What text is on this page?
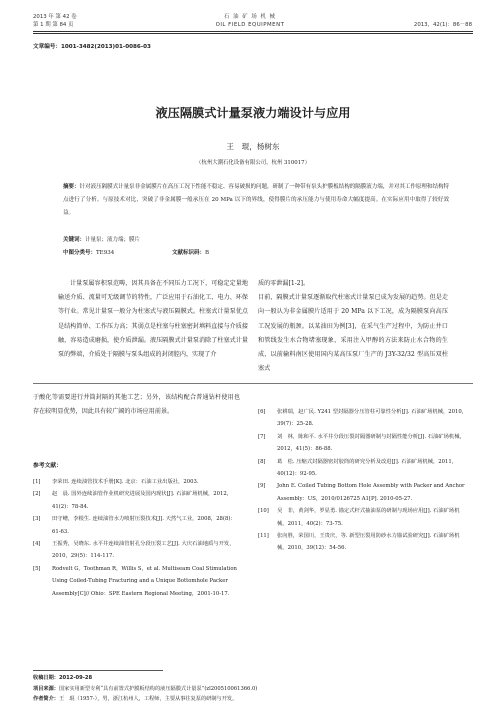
2013 年 第 42 卷
第 1 期 第 84 页
石 油 矿 场 机 械
OIL FIELD EQUIPMENT	2013，42(1)：86－88
文章编号：1001-3482(2013)01-0086-03
液压隔膜式计量泵液力端设计与应用
王　琨，杨树东
（杭州大潮石化设备有限公司，杭州 310017）
摘要：针对液压隔膜式计量泵非金属膜片在高压工况下性能不稳定、容易破损的问题，研制了一种带有泵头护膜板结构的隔膜液力端，并对其工作原理和结构特点进行了分析。与原技术对比，突破了非金属膜一般承压在 20 MPa 以下的界线，使得膜片的承压能力与使用寿命大幅度提高。在实际应用中取得了较好效益。
关键词：计量泵；液力端；膜片
中图分类号：TE934	文献标识码：B
计量泵属容积泵范畴，因其具备在不同压力工况下，可稳定定量地输送介质、流量可无级调节的特性，广泛应用于石油化工、电力、环保等行业。常见计量泵一般分为柱塞式与液压隔膜式。柱塞式计量泵优点是结构简单、工作压力高；其弱点是柱塞与柱塞密封填料直接与介质接触，容易造成磨损，使介质泄漏。液压隔膜式计量泵消除了柱塞式计量泵的弊端，介质处于隔膜与泵头组成的封闭腔内，实现了介
质的零泄漏[1-2]。
目前，隔膜式计量泵逐渐取代柱塞式计量泵已成为发展的趋势。但是走向一般认为非金属膜片适用于 20 MPa 以下工况，成为隔膜泵向高压工况发展的瓶颈。以某油田为例[3]，在采气生产过程中，为防止井口和管线发生水合物堵塞现象，采用注入甲醇的方法来防止水合物的生成，以前输料南区使用国内某高压泵厂生产的 J3Y-32/32 型高压双柱塞式
于酸化等需要进行井筒封隔的其他工艺；另外，该结构配合普通钻杆使用也存在较明显优势，因此具有较广阔的市场应用前景。
参考文献：
[1]	李荣田. 连续油管技术手册[K]. 北京：石油工业出版社，2003.
[2]	赵　晨. 国外连续油管作业机研究进展及国内现状[J]. 石油矿场机械，2012，41(2)：78-84.
[3]	田守嶒，李根生. 连续油管水力喷射压裂技术[J]. 天然气工业，2008，28(8)：61-63.
[4]	王振秀，吴晓东. 水平井连续油管射孔分段压裂工艺[J]. 大庆石油地质与开发，2010，29(5)：114-117.
[5]	Rodvelt G，Toothman R，Willis S，et al. Multiseam Coal Stimulation Using Coiled-Tubing Fracturing and a Unique Bottomhole Packer Assembly[C]// Ohio：SPE Eastern Regional Meeting，2001-10-17.
[6]	张耕瑞，赵广民. Y241 型封隔器分压管柱可靠性分析[J]. 石油矿场机械，2010，39(7)：25-28.
[7]	刘　林，陈和平. 水平井分段压裂封隔器研制与封隔性能分析[J]. 石油矿场机械，2012，41(5)：86-88.
[8]	葛　松. 压缩式封隔器密封胶筒的研究分析及改进[J]. 石油矿场机械，2011，40(12)：92-95.
[9]	John E. Coiled Tubing Bottom Hole Assembly with Packer and Anchor Assembly：US，2010/0126725 A1[P]. 2010-05-27.
[10]	吴　非，黄剑华，罗显勇. 锚定式杆式抽油泵的研制与现场应用[J]. 石油矿场机械，2011，40(2)：73-75.
[11]	张向胜，荣国川，王贵庆，等. 新型压裂用防砂水力锚试验研究[J]. 石油矿场机械，2010，39(12)：54-56.
收稿日期：2012-09-28
项目来源：国家实用新型专利“具有前置式护膜板结构的液压隔膜式计量泵”(zl200510061366.0)
作者简介：王　琨（1957-），男，浙江杭州人，工程师，主要从事往复泵的研制与开发。
